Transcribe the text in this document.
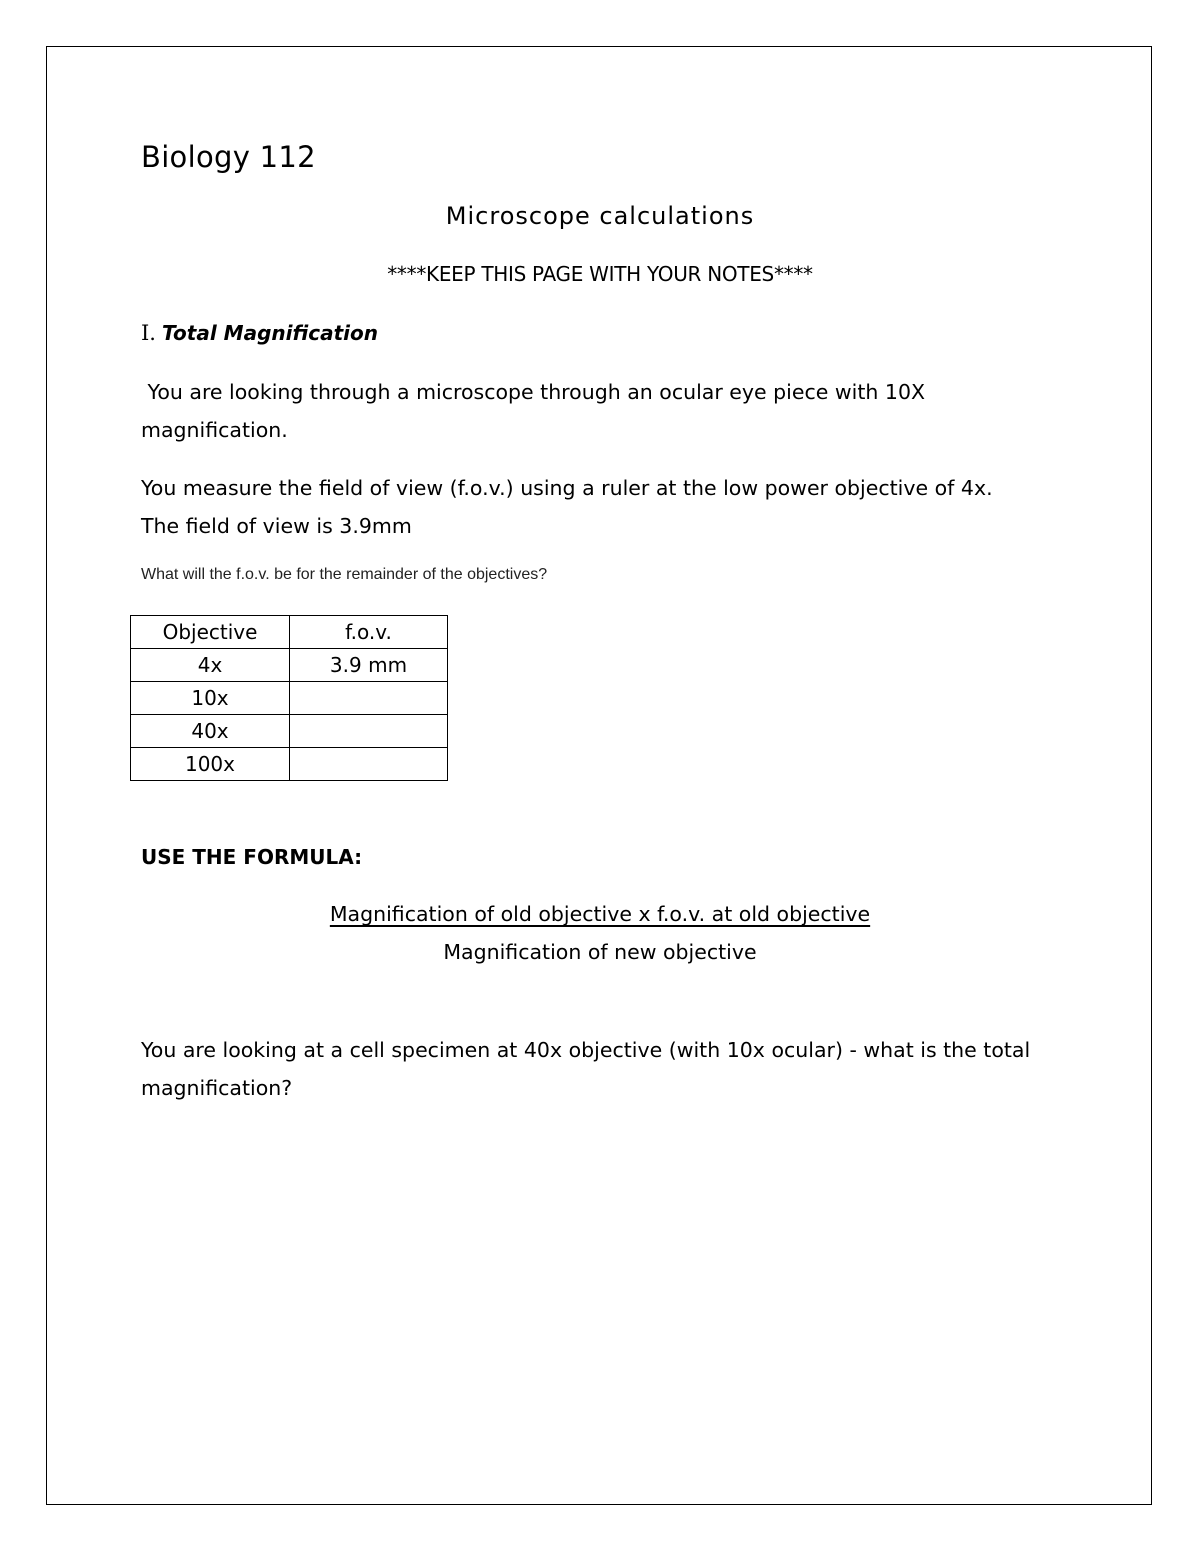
Biology 112
Microscope calculations
****KEEP THIS PAGE WITH YOUR NOTES****
I. Total Magnification
You are looking through a microscope through an ocular eye piece with 10X magnification.
You measure the field of view (f.o.v.) using a ruler at the low power objective of 4x.  The field of view is 3.9mm
What will the f.o.v. be for the remainder of the objectives?
Objective	f.o.v.
4x	3.9 mm
10x	
40x	
100x	
USE THE FORMULA:
Magnification of old objective x f.o.v. at old objective
Magnification of new objective
You are looking at a cell specimen at 40x objective (with 10x ocular) - what is the total magnification?
